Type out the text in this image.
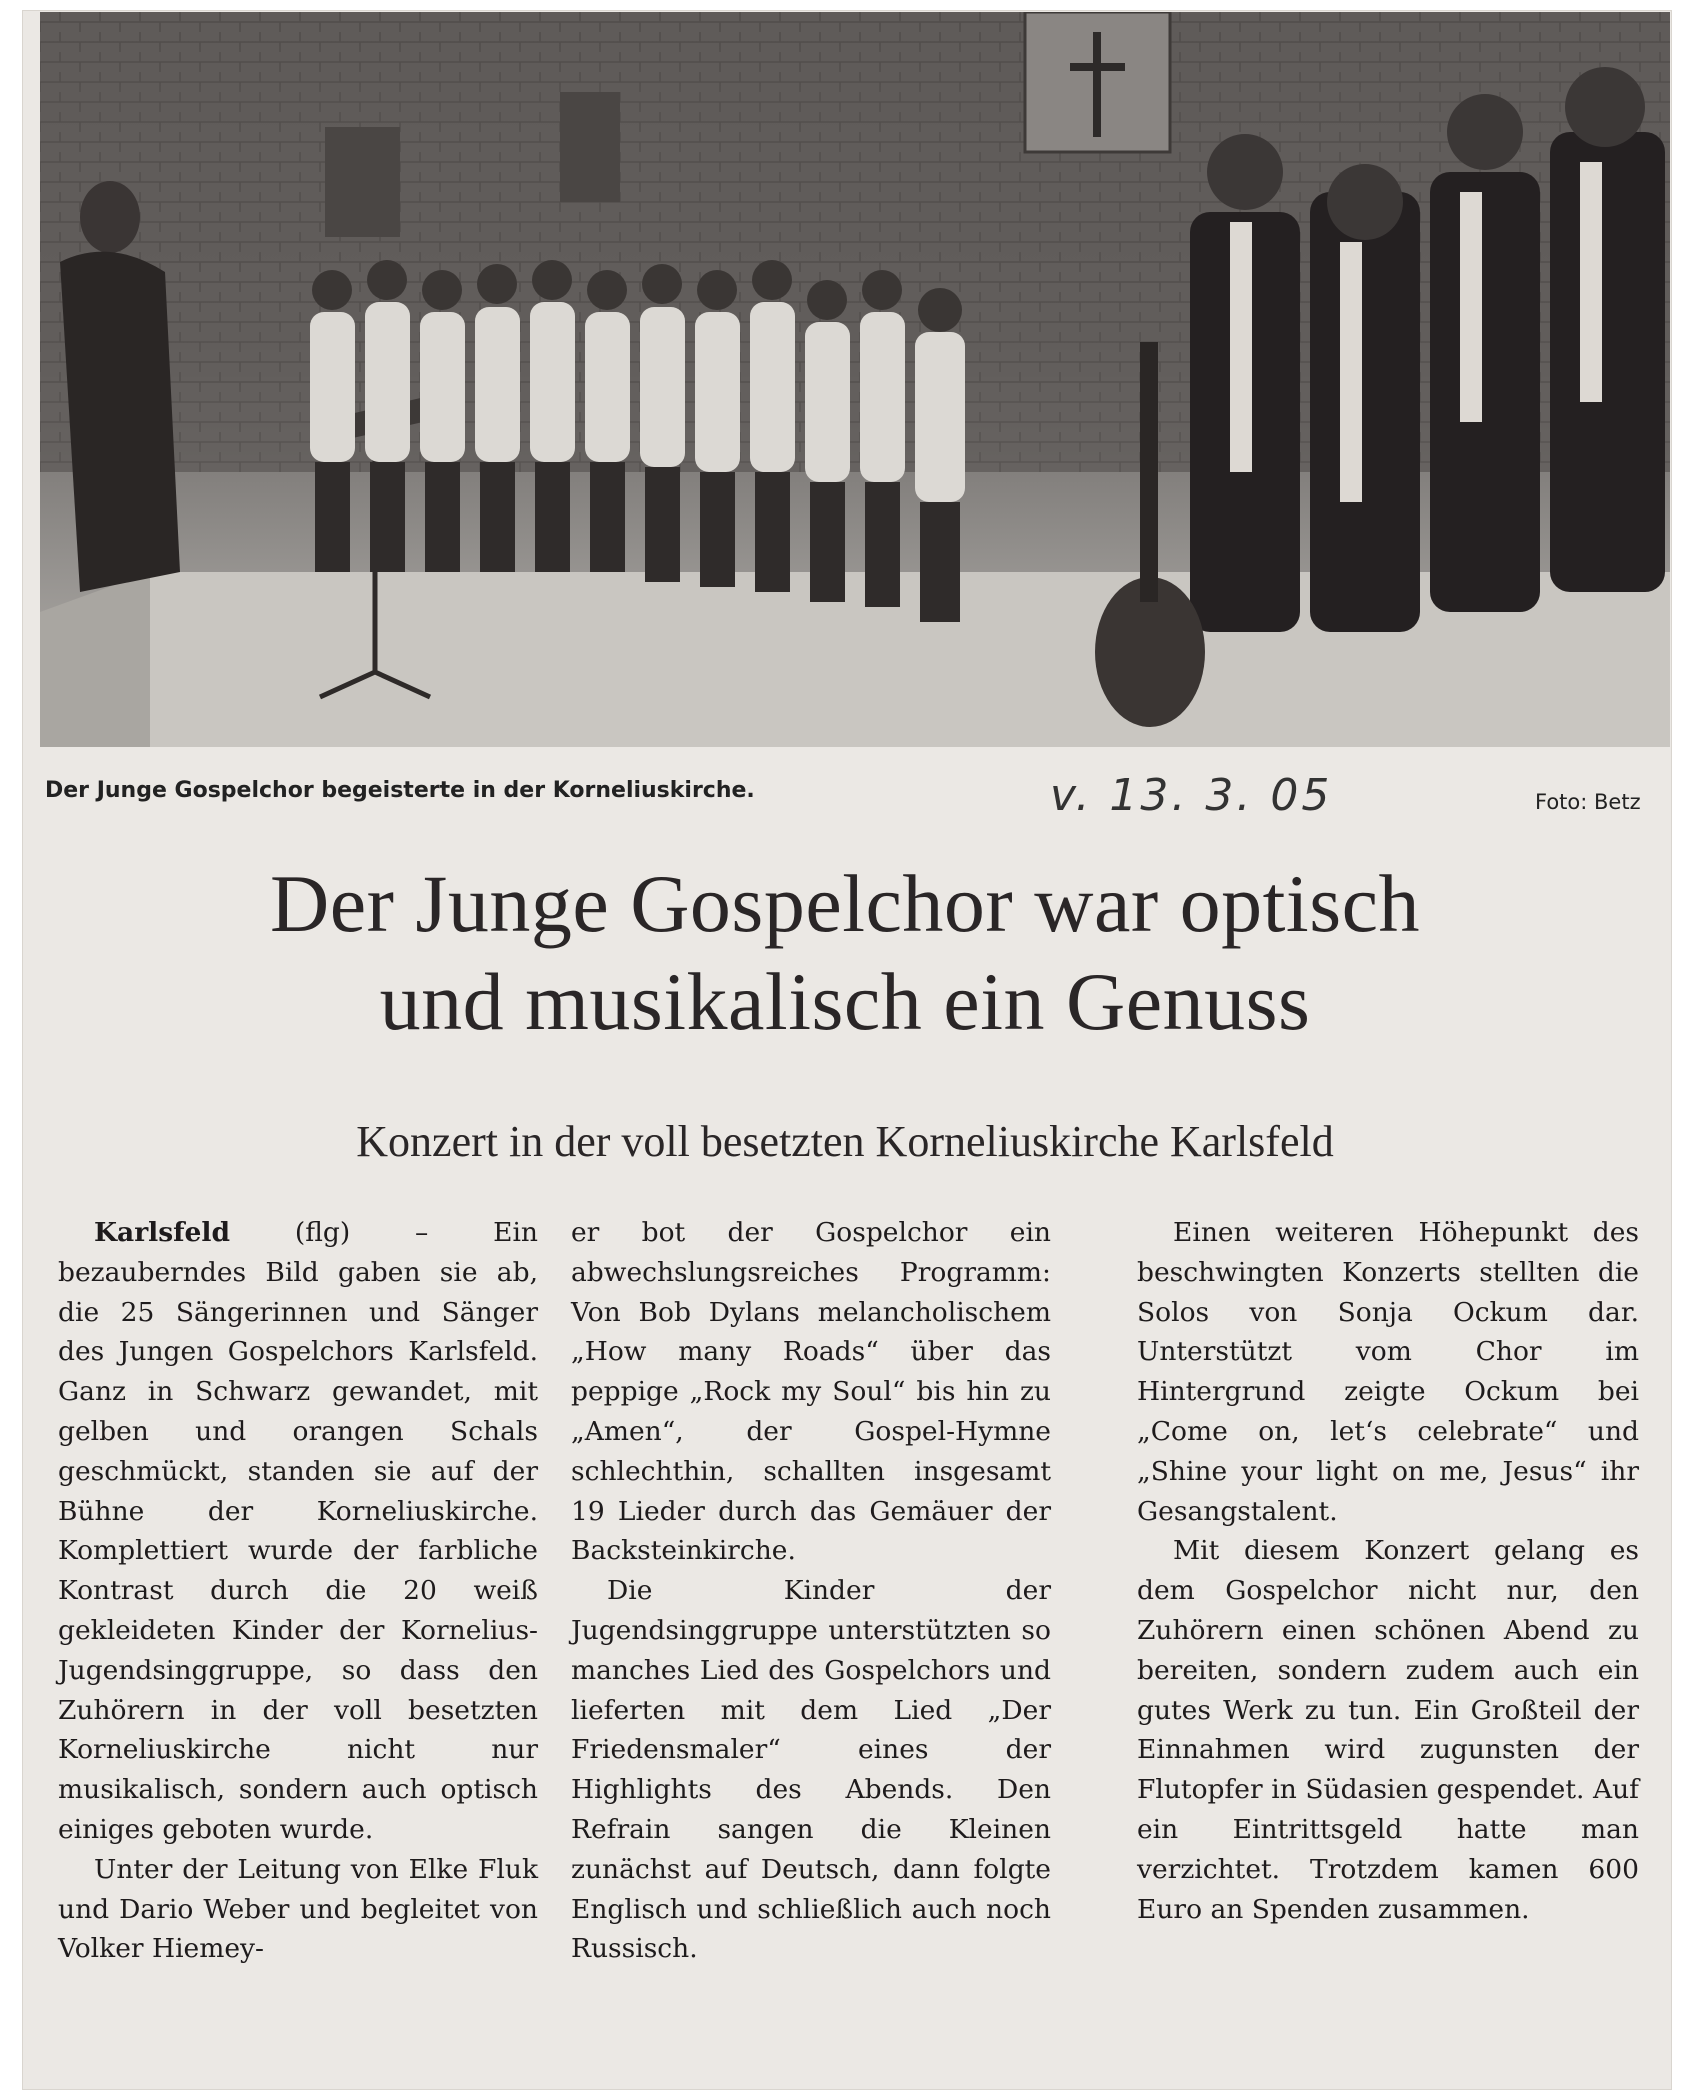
Der Junge Gospelchor begeisterte in der Korneliuskirche.	v. 13. 3. 05	Foto: Betz
Der Junge Gospelchor war optisch
und musikalisch ein Genuss
Konzert in der voll besetzten Korneliuskirche Karlsfeld

Karlsfeld (flg) – Ein bezauberndes Bild gaben sie ab, die 25 Sängerinnen und Sänger des Jungen Gospelchors Karlsfeld. Ganz in Schwarz gewandet, mit gelben und orangen Schals geschmückt, standen sie auf der Bühne der Korneliuskirche. Komplettiert wurde der farbliche Kontrast durch die 20 weiß gekleideten Kinder der Kornelius-Jugendsinggruppe, so dass den Zuhörern in der voll besetzten Korneliuskirche nicht nur musikalisch, sondern auch optisch einiges geboten wurde.

Unter der Leitung von Elke Fluk und Dario Weber und begleitet von Volker Hiemey-

er bot der Gospelchor ein abwechslungsreiches Programm: Von Bob Dylans melancholischem „How many Roads“ über das peppige „Rock my Soul“ bis hin zu „Amen“, der Gospel-Hymne schlechthin, schallten insgesamt 19 Lieder durch das Gemäuer der Backsteinkirche.

Die Kinder der Jugendsinggruppe unterstützten so manches Lied des Gospelchors und lieferten mit dem Lied „Der Friedensmaler“ eines der Highlights des Abends. Den Refrain sangen die Kleinen zunächst auf Deutsch, dann folgte Englisch und schließlich auch noch Russisch.

Einen weiteren Höhepunkt des beschwingten Konzerts stellten die Solos von Sonja Ockum dar. Unterstützt vom Chor im Hintergrund zeigte Ockum bei „Come on, let‘s celebrate“ und „Shine your light on me, Jesus“ ihr Gesangstalent.

Mit diesem Konzert gelang es dem Gospelchor nicht nur, den Zuhörern einen schönen Abend zu bereiten, sondern zudem auch ein gutes Werk zu tun. Ein Großteil der Einnahmen wird zugunsten der Flutopfer in Südasien gespendet. Auf ein Eintrittsgeld hatte man verzichtet. Trotzdem kamen 600 Euro an Spenden zusammen.
